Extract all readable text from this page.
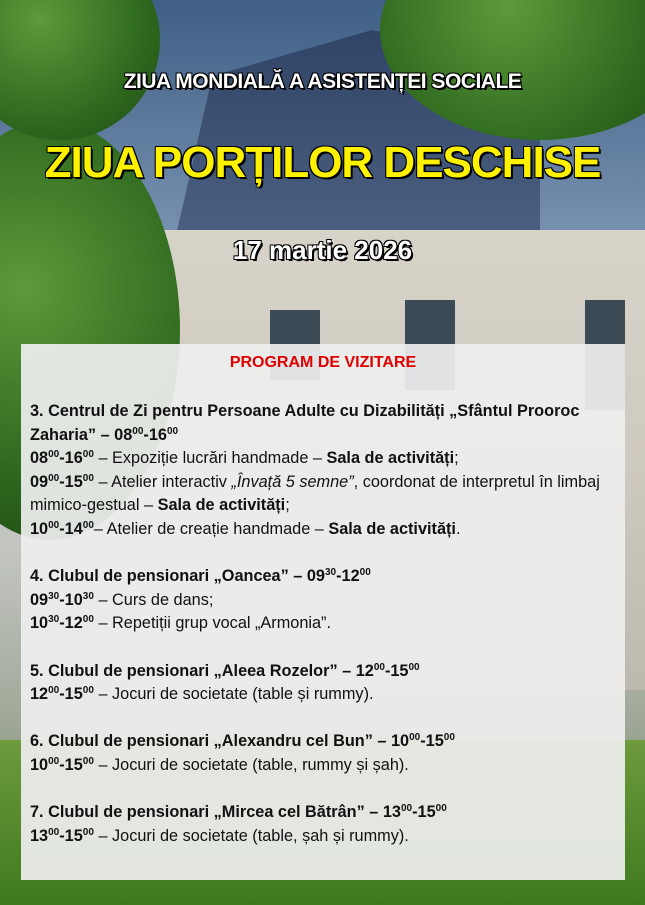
ZIUA MONDIALĂ A ASISTENȚEI SOCIALE
ZIUA PORȚILOR DESCHISE
17 martie 2026
PROGRAM DE VIZITARE
3. Centrul de Zi pentru Persoane Adulte cu Dizabilități „Sfântul Prooroc Zaharia” – $08^{00}-16^{00}$
$08^{00}-16^{00}$ – Expoziție lucrări handmade – Sala de activități;
$09^{00}-15^{00}$ – Atelier interactiv „Învață 5 semne”, coordonat de interpretul în limbaj mimico-gestual – Sala de activități;
$10^{00}-14^{00}-$ Atelier de creație handmade – Sala de activități.
4. Clubul de pensionari „Oancea” – $09^{30}-12^{00}$
$09^{30}-10^{30}$ – Curs de dans;
$10^{30}-12^{00}$ – Repetiții grup vocal „Armonia”.
5. Clubul de pensionari „Aleea Rozelor” – $12^{00}-15^{00}$
$12^{00}-15^{00}$ – Jocuri de societate (table și rummy).
6. Clubul de pensionari „Alexandru cel Bun” – $10^{00}-15^{00}$
$10^{00}-15^{00}$ – Jocuri de societate (table, rummy și șah).
7. Clubul de pensionari „Mircea cel Bătrân” – $13^{00}-15^{00}$
$13^{00}-15^{00}$ – Jocuri de societate (table, șah și rummy).
